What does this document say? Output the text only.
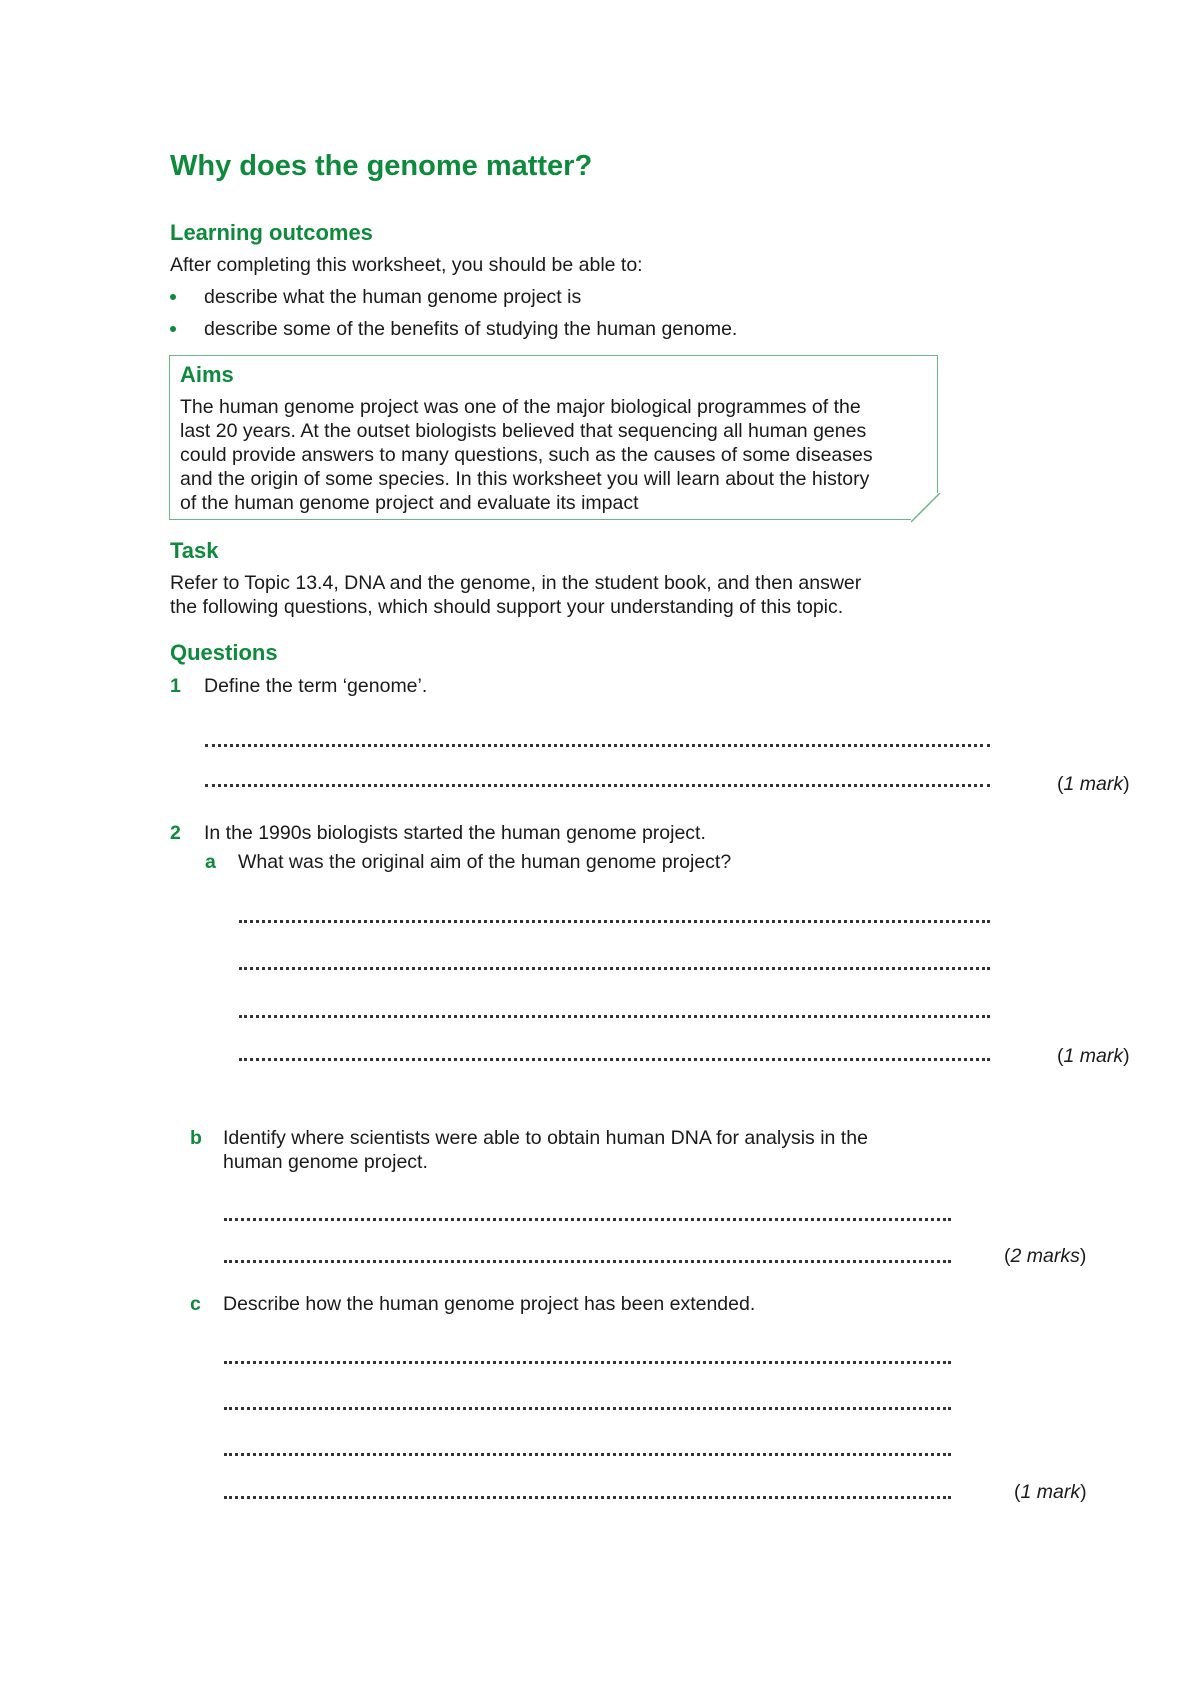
Why does the genome matter?
Learning outcomes

After completing this worksheet, you should be able to:

describe what the human genome project is

describe some of the benefits of studying the human genome.

Aims
The human genome project was one of the major biological programmes of the
last 20 years. At the outset biologists believed that sequencing all human genes
could provide answers to many questions, such as the causes of some diseases
and the origin of some species. In this worksheet you will learn about the history
of the human genome project and evaluate its impact
Task

Refer to Topic 13.4, DNA and the genome, in the student book, and then answer

the following questions, which should support your understanding of this topic.

Questions
1 Define the term ‘genome’.

(1 mark)
2 In the 1990s biologists started the human genome project.

a What was the original aim of the human genome project?

(1 mark)
b Identify where scientists were able to obtain human DNA for analysis in the

human genome project.

(2 marks)
c Describe how the human genome project has been extended.

(1 mark)
